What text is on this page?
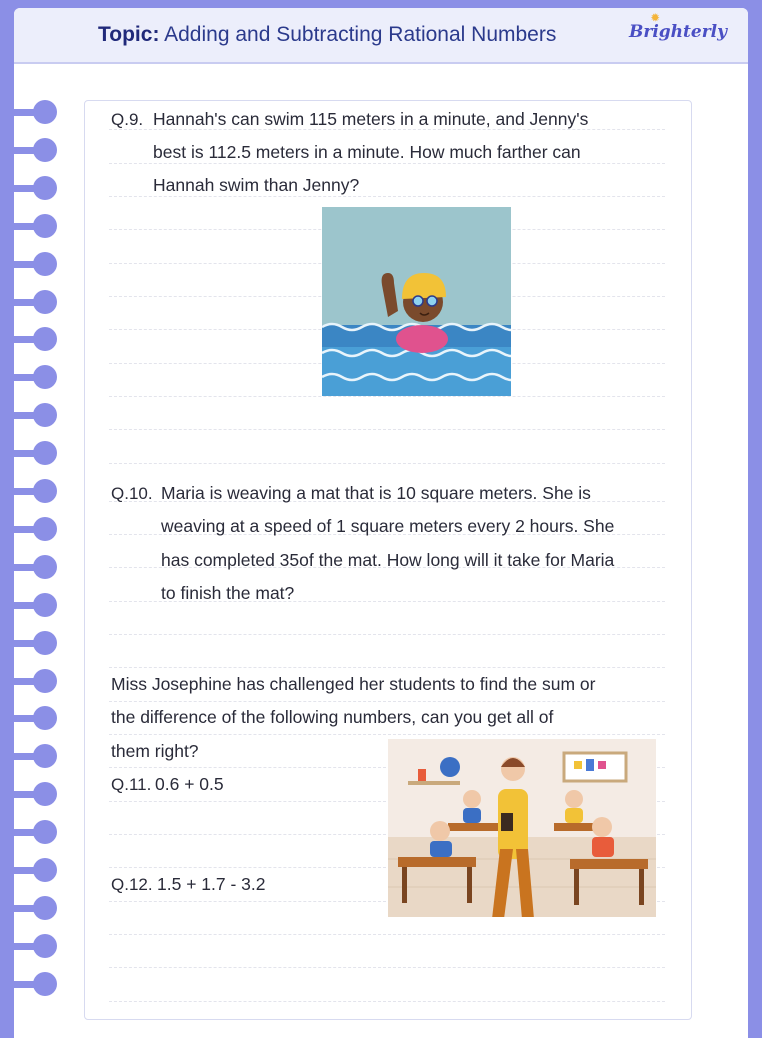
Topic: Adding and Subtracting Rational Numbers
✹
Brighterly
Q.9. Hannah's can swim 115 meters in a minute, and Jenny's
best is 112.5 meters in a minute. How much farther can
Hannah swim than Jenny?
Q.10. Maria is weaving a mat that is 10 square meters. She is
weaving at a speed of 1 square meters every 2 hours. She
has completed 35of the mat. How long will it take for Maria
to finish the mat?
Miss Josephine has challenged her students to find the sum or
the difference of the following numbers, can you get all of
them right?
Q.11. 0.6 + 0.5
Q.12. 1.5 + 1.7 - 3.2
